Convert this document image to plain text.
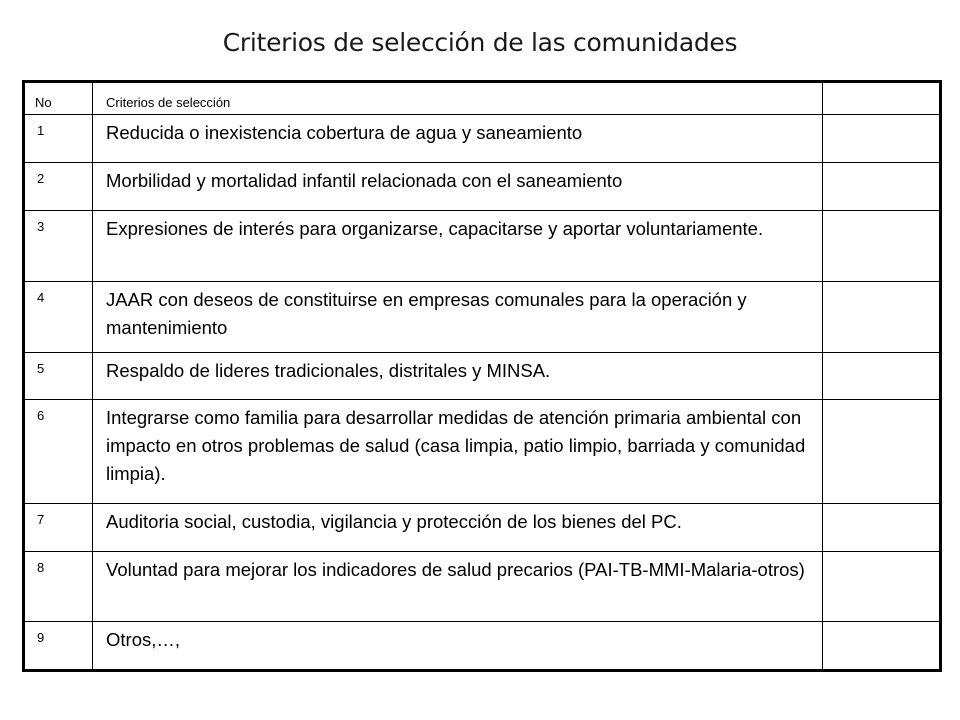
Criterios de selección de las comunidades
No	Criterios de selección	
1	Reducida o inexistencia cobertura de agua y saneamiento	
2	Morbilidad y mortalidad infantil relacionada con el saneamiento	
3	Expresiones de interés para organizarse, capacitarse y aportar voluntariamente.	
4	JAAR con deseos de constituirse en empresas comunales para la operación y mantenimiento	
5	Respaldo de lideres tradicionales, distritales y MINSA.	
6	Integrarse como familia para desarrollar medidas de atención primaria ambiental con impacto en otros problemas de salud (casa limpia, patio limpio, barriada y comunidad limpia).	
7	Auditoria social, custodia, vigilancia y protección de los bienes del PC.	
8	Voluntad para mejorar los indicadores de salud precarios (PAI-TB-MMI-Malaria-otros)	
9	Otros,…,	
